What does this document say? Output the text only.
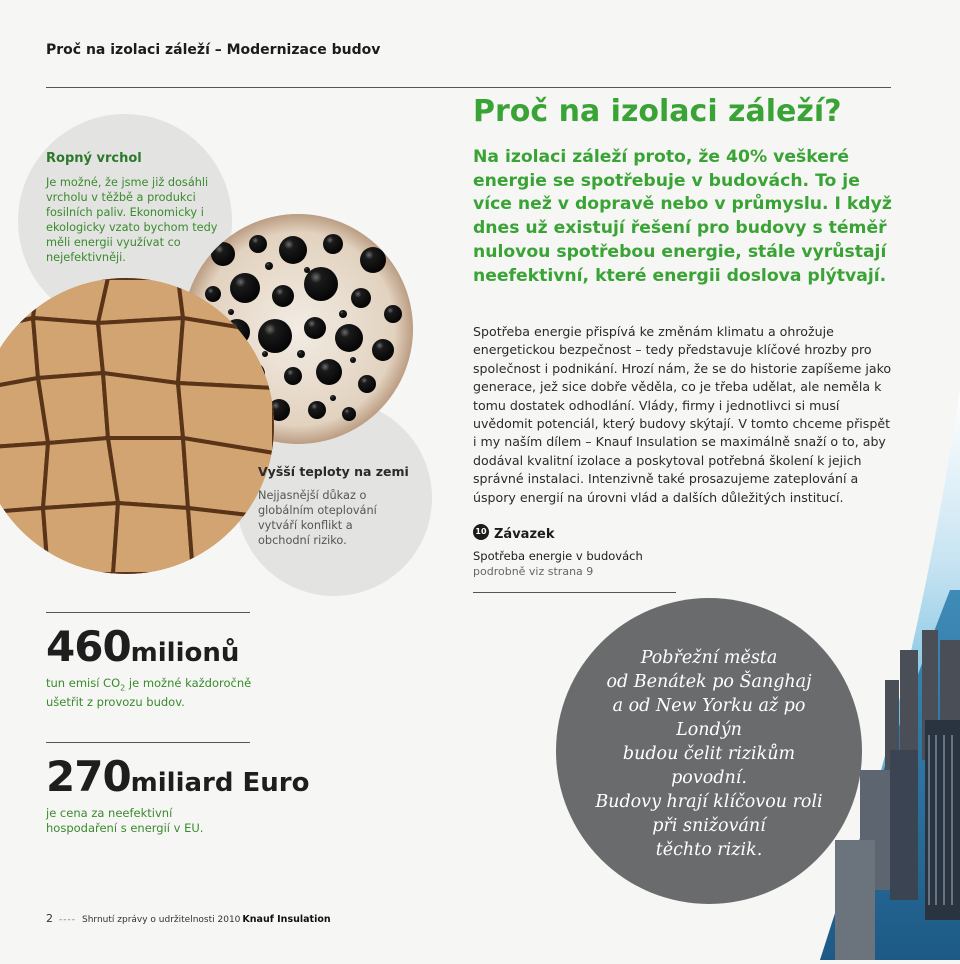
Proč na izolaci záleží – Modernizace budov
Ropný vrchol
Je možné, že jsme již dosáhli vrcholu v těžbě a produkci fosilních paliv. Ekonomicky i ekologicky vzato bychom tedy měli energii využívat co nejefektivněji.
Vyšší teploty na zemi
Nejjasnější důkaz o globálním oteplování vytváří konflikt a obchodní riziko.
460milionů
tun emisí $CO_2$ je možné každoročně ušetřit z provozu budov.
270miliard Euro
je cena za neefektivní hospodaření s energií v EU.
Proč na izolaci záleží?
Na izolaci záleží proto, že 40% veškeré energie se spotřebuje v budovách. To je více než v dopravě nebo v průmyslu. I když dnes už existují řešení pro budovy s téměř nulovou spotřebou energie, stále vyrůstají neefektivní, které energii doslova plýtvají.
Spotřeba energie přispívá ke změnám klimatu a ohrožuje energetickou bezpečnost – tedy představuje klíčové hrozby pro společnost i podnikání. Hrozí nám, že se do historie zapíšeme jako generace, jež sice dobře věděla, co je třeba udělat, ale neměla k tomu dostatek odhodlání. Vlády, firmy i jednotlivci si musí uvědomit potenciál, který budovy skýtají. V tomto chceme přispět i my naším dílem – Knauf Insulation se maximálně snaží o to, aby dodával kvalitní izolace a poskytoval potřebná školení k jejich správné instalaci. Intenzivně také prosazujeme zateplování a úspory energií na úrovni vlád a dalších důležitých institucí.
10 Závazek
Spotřeba energie v budovách
podrobně viz strana 9
Pobřežní města
od Benátek po Šanghaj
a od New Yorku až po Londýn
budou čelit rizikům povodní.
Budovy hrají klíčovou roli
při snižování
těchto rizik.
2 ---- Shrnutí zprávy o udržitelnosti 2010 Knauf Insulation
